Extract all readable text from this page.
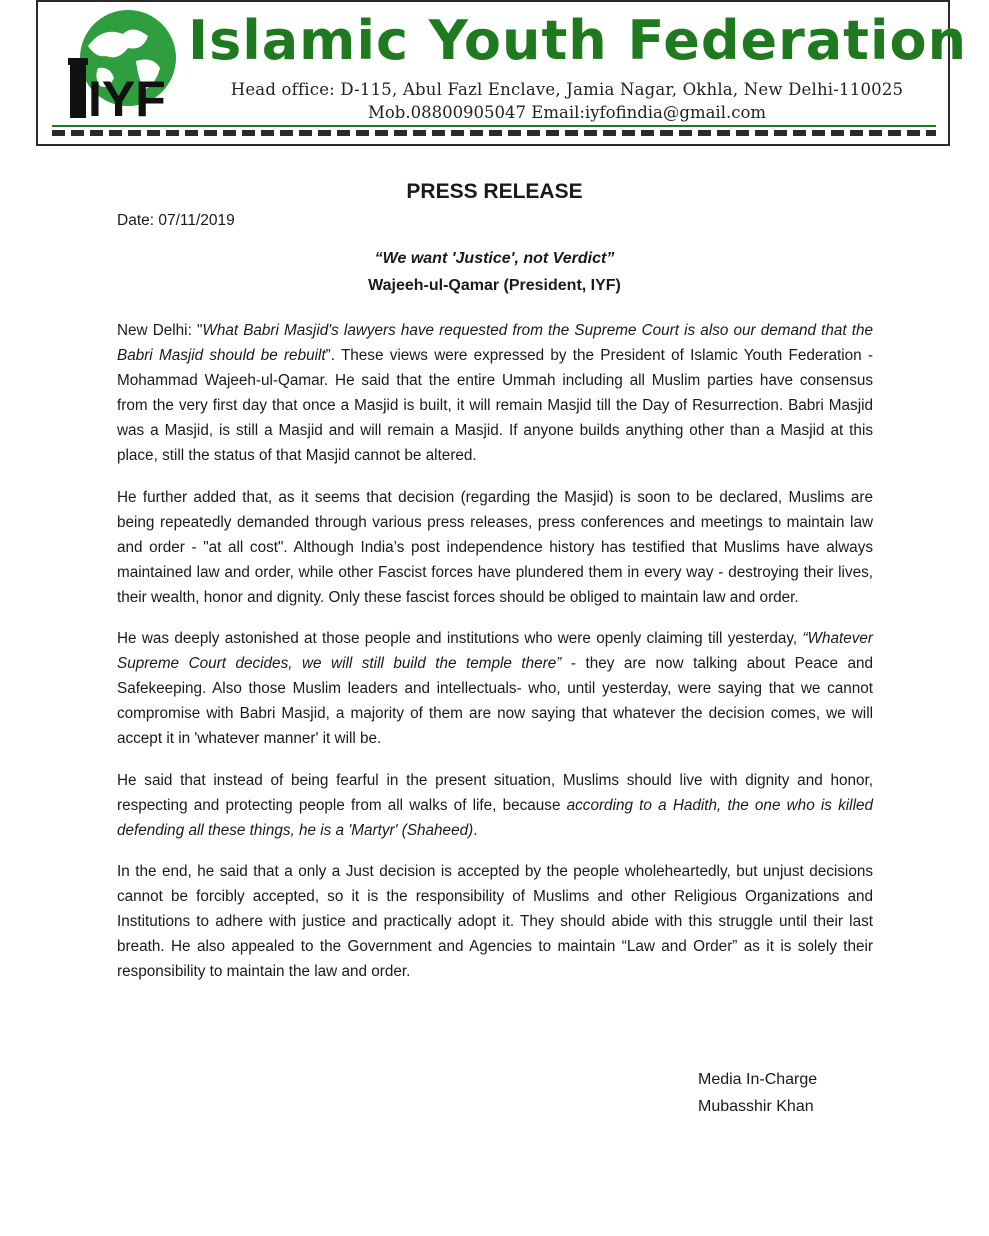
IYF
Islamic Youth Federation
Head office: D-115, Abul Fazl Enclave, Jamia Nagar, Okhla, New Delhi-110025
Mob.08800905047 Email:iyfofindia@gmail.com
PRESS RELEASE
Date: 07/11/2019
“We want 'Justice', not Verdict”
Wajeeh-ul-Qamar (President, IYF)

New Delhi: "What Babri Masjid's lawyers have requested from the Supreme Court is also our demand that the Babri Masjid should be rebuilt”. These views were expressed by the President of Islamic Youth Federation - Mohammad Wajeeh-ul-Qamar. He said that the entire Ummah including all Muslim parties have consensus from the very first day that once a Masjid is built, it will remain Masjid till the Day of Resurrection. Babri Masjid was a Masjid, is still a Masjid and will remain a Masjid. If anyone builds anything other than a Masjid at this place, still the status of that Masjid cannot be altered.

He further added that, as it seems that decision (regarding the Masjid) is soon to be declared, Muslims are being repeatedly demanded through various press releases, press conferences and meetings to maintain law and order - "at all cost". Although India’s post independence history has testified that Muslims have always maintained law and order, while other Fascist forces have plundered them in every way - destroying their lives, their wealth, honor and dignity. Only these fascist forces should be obliged to maintain law and order.

He was deeply astonished at those people and institutions who were openly claiming till yesterday, “Whatever Supreme Court decides, we will still build the temple there” - they are now talking about Peace and Safekeeping. Also those Muslim leaders and intellectuals- who, until yesterday, were saying that we cannot compromise with Babri Masjid, a majority of them are now saying that whatever the decision comes, we will accept it in 'whatever manner' it will be.

He said that instead of being fearful in the present situation, Muslims should live with dignity and honor, respecting and protecting people from all walks of life, because according to a Hadith, the one who is killed defending all these things, he is a 'Martyr' (Shaheed).

In the end, he said that a only a Just decision is accepted by the people wholeheartedly, but unjust decisions cannot be forcibly accepted, so it is the responsibility of Muslims and other Religious Organizations and Institutions to adhere with justice and practically adopt it. They should abide with this struggle until their last breath. He also appealed to the Government and Agencies to maintain “Law and Order” as it is solely their responsibility to maintain the law and order.

Media In-Charge
Mubasshir Khan
